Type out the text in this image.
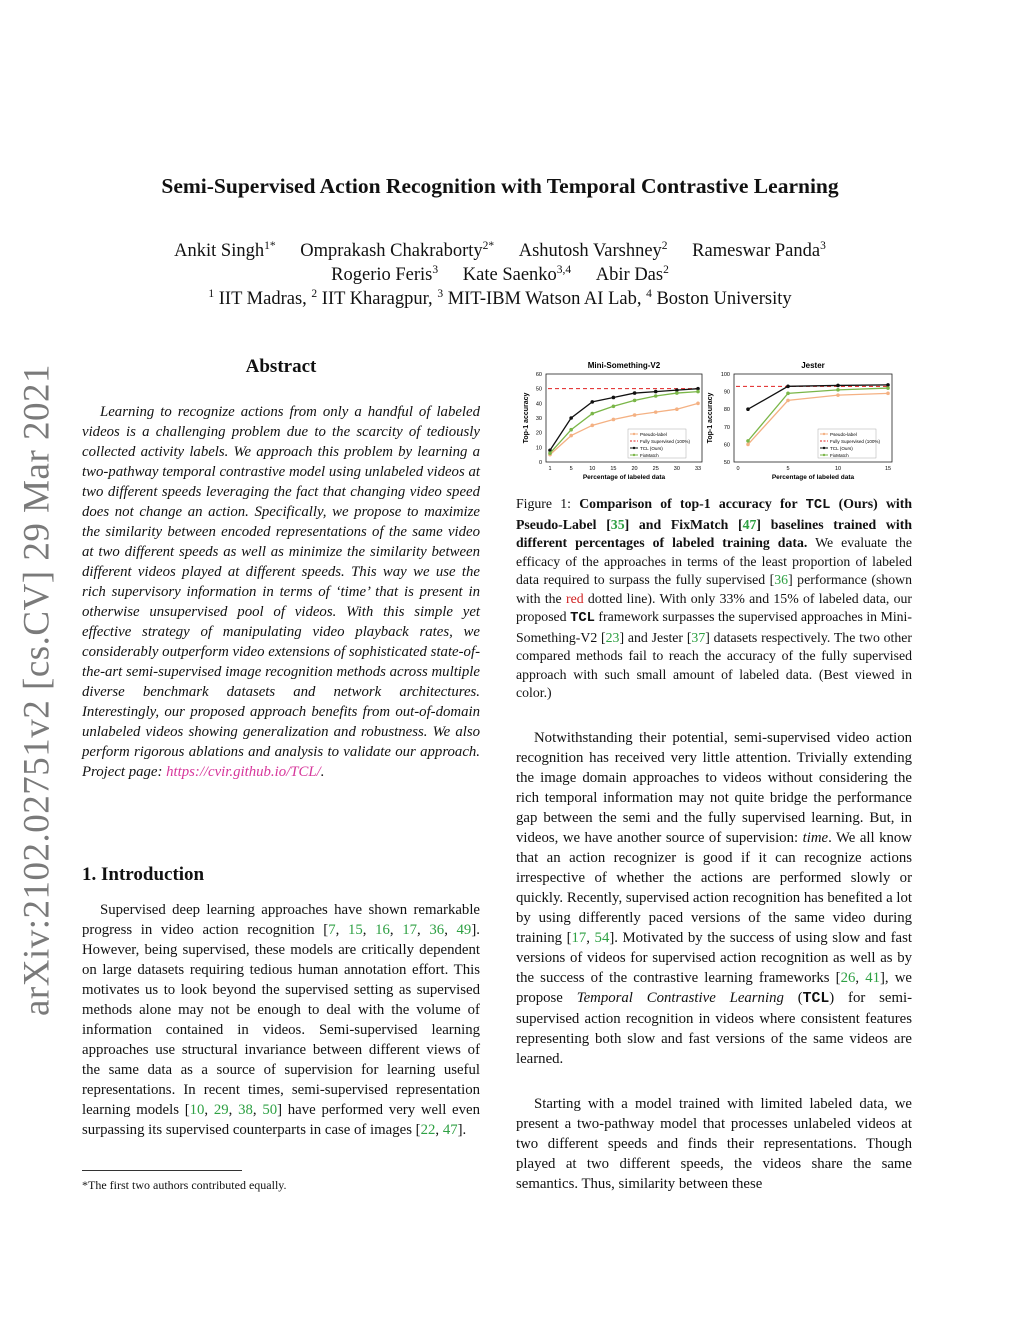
arXiv:2102.02751v2 [cs.CV] 29 Mar 2021
Semi-Supervised Action Recognition with Temporal Contrastive Learning
Ankit Singh$^{1*}$ Omprakash Chakraborty$^{2*}$ Ashutosh Varshney$^2$ Rameswar Panda$^3$
Rogerio Feris$^3$ Kate Saenko$^{3,4}$ Abir Das$^2$
$^1$ IIT Madras, $^2$ IIT Kharagpur, $^3$ MIT-IBM Watson AI Lab, $^4$ Boston University
Abstract
Learning to recognize actions from only a handful of labeled videos is a challenging problem due to the scarcity of tediously collected activity labels. We approach this problem by learning a two-pathway temporal contrastive model using unlabeled videos at two different speeds leveraging the fact that changing video speed does not change an action. Specifically, we propose to maximize the similarity between encoded representations of the same video at two different speeds as well as minimize the similarity between different videos played at different speeds. This way we use the rich supervisory information in terms of ‘time’ that is present in otherwise unsupervised pool of videos. With this simple yet effective strategy of manipulating video playback rates, we considerably outperform video extensions of sophisticated state-of-the-art semi-supervised image recognition methods across multiple diverse benchmark datasets and network architectures. Interestingly, our proposed approach benefits from out-of-domain unlabeled videos showing generalization and robustness. We also perform rigorous ablations and analysis to validate our approach. Project page: https://cvir.github.io/TCL/.
1. Introduction
Supervised deep learning approaches have shown remarkable progress in video action recognition [7, 15, 16, 17, 36, 49]. However, being supervised, these models are critically dependent on large datasets requiring tedious human annotation effort. This motivates us to look beyond the supervised setting as supervised methods alone may not be enough to deal with the volume of information contained in videos. Semi-supervised learning approaches use structural invariance between different views of the same data as a source of supervision for learning useful representations. In recent times, semi-supervised representation learning models [10, 29, 38, 50] have performed very well even surpassing its supervised counterparts in case of images [22, 47].
*The first two authors contributed equally.
Mini-Something-V2
0
10
20
30
40
50
60
1	5	10	15	20	25	30	33
Percentage of labeled data
Top-1 accuracy	Pseudo-label
Fully Supervised (100%)
TCL (Ours)
FixMatch
Jester
50
60
70
80
90
100
0	5	10	15
Percentage of labeled data
Top-1 accuracy	Pseudo-label
Fully Supervised (100%)
TCL (Ours)
FixMatch
Figure 1: Comparison of top-1 accuracy for TCL (Ours) with Pseudo-Label [35] and FixMatch [47] baselines trained with different percentages of labeled training data. We evaluate the efficacy of the approaches in terms of the least proportion of labeled data required to surpass the fully supervised [36] performance (shown with the red dotted line). With only 33% and 15% of labeled data, our proposed TCL framework surpasses the supervised approaches in Mini-Something-V2 [23] and Jester [37] datasets respectively. The two other compared methods fail to reach the accuracy of the fully supervised approach with such small amount of labeled data. (Best viewed in color.)
Notwithstanding their potential, semi-supervised video action recognition has received very little attention. Trivially extending the image domain approaches to videos without considering the rich temporal information may not quite bridge the performance gap between the semi and the fully supervised learning. But, in videos, we have another source of supervision: time. We all know that an action recognizer is good if it can recognize actions irrespective of whether the actions are performed slowly or quickly. Recently, supervised action recognition has benefited a lot by using differently paced versions of the same video during training [17, 54]. Motivated by the success of using slow and fast versions of videos for supervised action recognition as well as by the success of the contrastive learning frameworks [26, 41], we propose Temporal Contrastive Learning (TCL) for semi-supervised action recognition in videos where consistent features representing both slow and fast versions of the same videos are learned.
Starting with a model trained with limited labeled data, we present a two-pathway model that processes unlabeled videos at two different speeds and finds their representations. Though played at two different speeds, the videos share the same semantics. Thus, similarity between these
